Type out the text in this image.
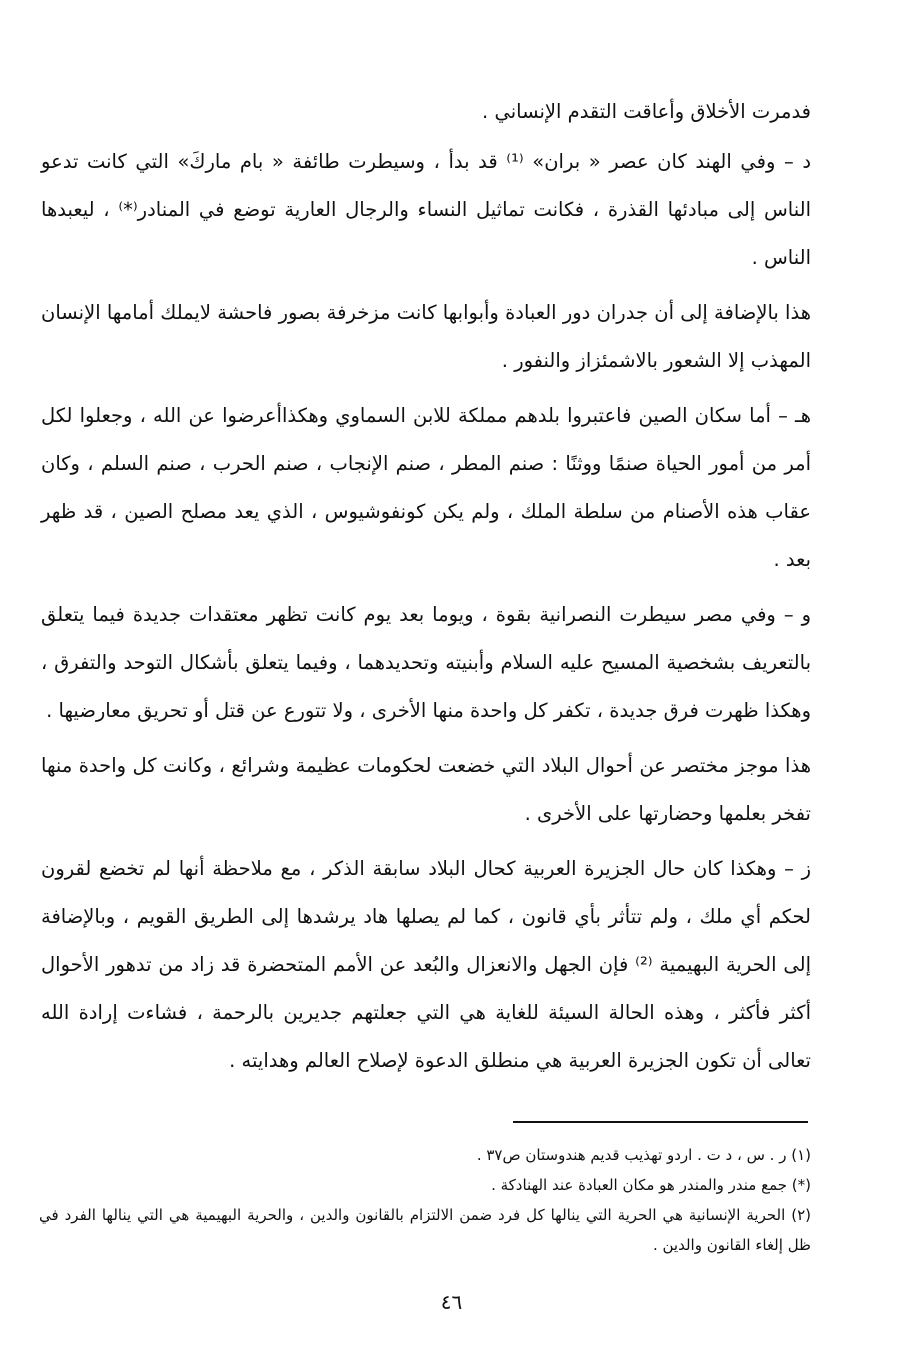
فدمرت الأخلاق وأعاقت التقدم الإنساني .

د – وفي الهند كان عصر « بران» ⁽¹⁾ قد بدأ ، وسيطرت طائفة « بام ماركَ» التي كانت تدعو الناس إلى مبادئها القذرة ، فكانت تماثيل النساء والرجال العارية توضع في المنادر⁽*⁾ ، ليعبدها الناس .

هذا بالإضافة إلى أن جدران دور العبادة وأبوابها كانت مزخرفة بصور فاحشة لايملك أمامها الإنسان المهذب إلا الشعور بالاشمئزاز والنفور .

هـ – أما سكان الصين فاعتبروا بلدهم مملكة للابن السماوي وهكذاأعرضوا عن الله ، وجعلوا لكل أمر من أمور الحياة صنمًا ووثنًا : صنم المطر ، صنم الإنجاب ، صنم الحرب ، صنم السلم ، وكان عقاب هذه الأصنام من سلطة الملك ، ولم يكن كونفوشيوس ، الذي يعد مصلح الصين ، قد ظهر بعد .

و – وفي مصر سيطرت النصرانية بقوة ، ويوما بعد يوم كانت تظهر معتقدات جديدة فيما يتعلق بالتعريف بشخصية المسيح عليه السلام وأبنيته وتحديدهما ، وفيما يتعلق بأشكال التوحد والتفرق ، وهكذا ظهرت فرق جديدة ، تكفر كل واحدة منها الأخرى ، ولا تتورع عن قتل أو تحريق معارضيها .

هذا موجز مختصر عن أحوال البلاد التي خضعت لحكومات عظيمة وشرائع ، وكانت كل واحدة منها تفخر بعلمها وحضارتها على الأخرى .

ز – وهكذا كان حال الجزيرة العربية كحال البلاد سابقة الذكر ، مع ملاحظة أنها لم تخضع لقرون لحكم أي ملك ، ولم تتأثر بأي قانون ، كما لم يصلها هاد يرشدها إلى الطريق القويم ، وبالإضافة إلى الحرية البهيمية ⁽²⁾ فإن الجهل والانعزال والبُعد عن الأمم المتحضرة قد زاد من تدهور الأحوال أكثر فأكثر ، وهذه الحالة السيئة للغاية هي التي جعلتهم جديرين بالرحمة ، فشاءت إرادة الله تعالى أن تكون الجزيرة العربية هي منطلق الدعوة لإصلاح العالم وهدايته .

(١) ر . س ، د ت . اردو تهذيب قديم هندوستان ص٣٧ .

(*) جمع مندر والمندر هو مكان العبادة عند الهنادكة .

(٢) الحرية الإنسانية هي الحرية التي ينالها كل فرد ضمن الالتزام بالقانون والدين ، والحرية البهيمية هي التي ينالها الفرد في ظل إلغاء القانون والدين .

٤٦
